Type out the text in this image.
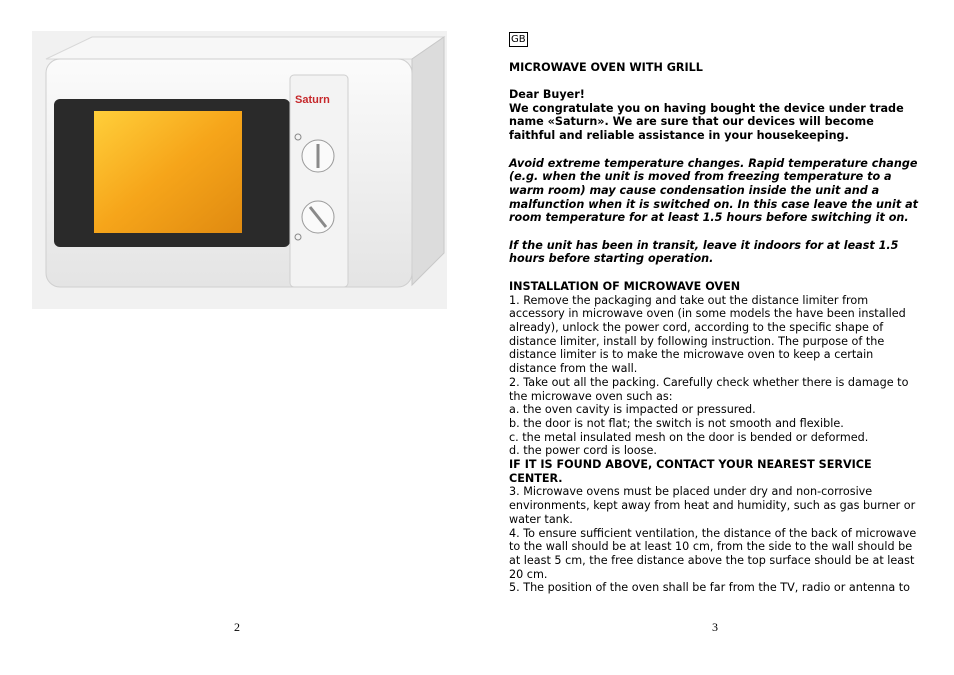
Saturn
2
GB

MICROWAVE OVEN WITH GRILL

Dear Buyer!

We congratulate you on having bought the device under trade name «Saturn». We are sure that our devices will become faithful and reliable assistance in your housekeeping.

Avoid extreme temperature changes. Rapid temperature change (e.g. when the unit is moved from freezing temperature to a warm room) may cause condensation inside the unit and a malfunction when it is switched on. In this case leave the unit at room temperature for at least 1.5 hours before switching it on.

If the unit has been in transit, leave it indoors for at least 1.5 hours before starting operation.

INSTALLATION OF MICROWAVE OVEN

1. Remove the packaging and take out the distance limiter from accessory in microwave oven (in some models the have been installed already), unlock the power cord, according to the specific shape of distance limiter, install by following instruction. The purpose of the distance limiter is to make the microwave oven to keep a certain distance from the wall.

2. Take out all the packing. Carefully check whether there is damage to the microwave oven such as:

a. the oven cavity is impacted or pressured.

b. the door is not flat; the switch is not smooth and flexible.

c. the metal insulated mesh on the door is bended or deformed.

d. the power cord is loose.

IF IT IS FOUND ABOVE, CONTACT YOUR NEAREST SERVICE CENTER.

3. Microwave ovens must be placed under dry and non-corrosive environments, kept away from heat and humidity, such as gas burner or water tank.

4. To ensure sufficient ventilation, the distance of the back of microwave to the wall should be at least 10 cm, from the side to the wall should be at least 5 cm, the free distance above the top surface should be at least 20 cm.

5. The position of the oven shall be far from the TV, radio or antenna to

3
